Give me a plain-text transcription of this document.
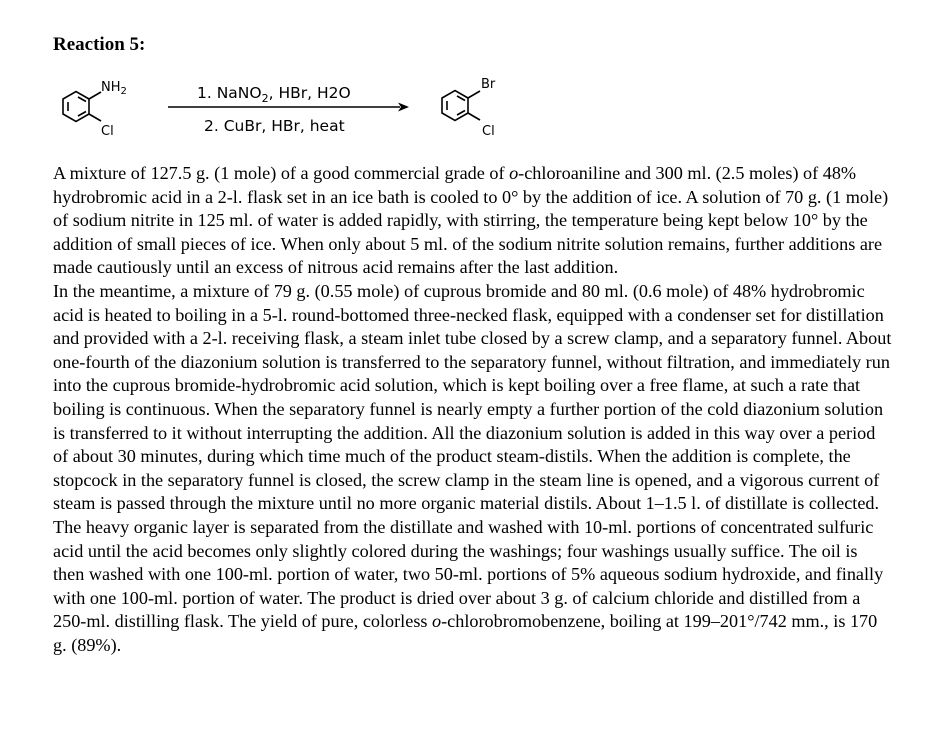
Reaction 5:
$NH_2$
Cl
1. NaNO$_2$, HBr, H2O
2. CuBr, HBr, heat
Br
Cl

A mixture of 127.5 g. (1 mole) of a good commercial grade of o-chloroaniline and 300 ml. (2.5 moles) of 48% hydrobromic acid in a 2-l. flask set in an ice bath is cooled to 0° by the addition of ice. A solution of 70 g. (1 mole) of sodium nitrite in 125 ml. of water is added rapidly, with stirring, the temperature being kept below 10° by the addition of small pieces of ice. When only about 5 ml. of the sodium nitrite solution remains, further additions are made cautiously until an excess of nitrous acid remains after the last addition.

In the meantime, a mixture of 79 g. (0.55 mole) of cuprous bromide and 80 ml. (0.6 mole) of 48% hydrobromic acid is heated to boiling in a 5-l. round-bottomed three-necked flask, equipped with a condenser set for distillation and provided with a 2-l. receiving flask, a steam inlet tube closed by a screw clamp, and a separatory funnel. About one-fourth of the diazonium solution is transferred to the separatory funnel, without filtration, and immediately run into the cuprous bromide-hydrobromic acid solution, which is kept boiling over a free flame, at such a rate that boiling is continuous. When the separatory funnel is nearly empty a further portion of the cold diazonium solution is transferred to it without interrupting the addition. All the diazonium solution is added in this way over a period of about 30 minutes, during which time much of the product steam-distils. When the addition is complete, the stopcock in the separatory funnel is closed, the screw clamp in the steam line is opened, and a vigorous current of steam is passed through the mixture until no more organic material distils. About 1–1.5 l. of distillate is collected.

The heavy organic layer is separated from the distillate and washed with 10-ml. portions of concentrated sulfuric acid until the acid becomes only slightly colored during the washings; four washings usually suffice. The oil is then washed with one 100-ml. portion of water, two 50-ml. portions of 5% aqueous sodium hydroxide, and finally with one 100-ml. portion of water. The product is dried over about 3 g. of calcium chloride and distilled from a 250-ml. distilling flask. The yield of pure, colorless o-chlorobromobenzene, boiling at 199–201°/742 mm., is 170 g. (89%).
